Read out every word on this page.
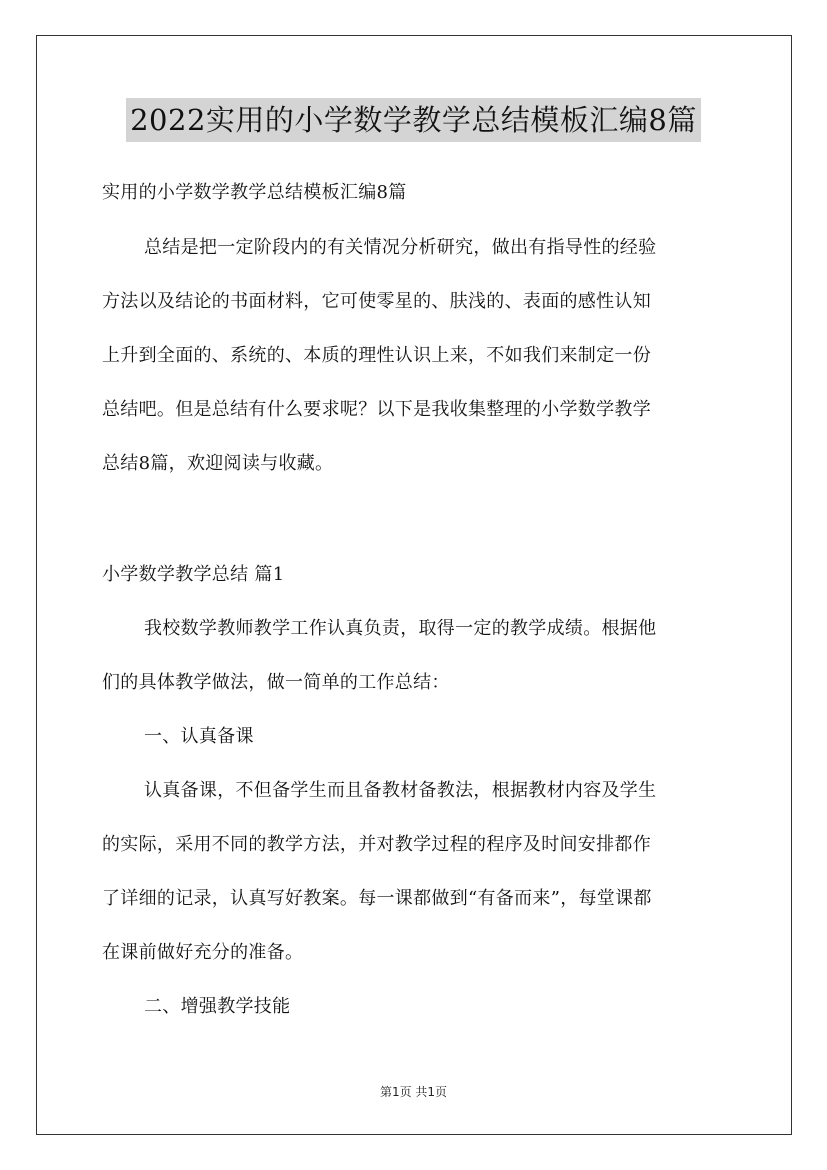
2022实用的小学数学教学总结模板汇编8篇
实用的小学数学教学总结模板汇编8篇
总结是把一定阶段内的有关情况分析研究，做出有指导性的经验
方法以及结论的书面材料，它可使零星的、肤浅的、表面的感性认知
上升到全面的、系统的、本质的理性认识上来，不如我们来制定一份
总结吧。但是总结有什么要求呢？以下是我收集整理的小学数学教学
总结8篇，欢迎阅读与收藏。
小学数学教学总结 篇1
我校数学教师教学工作认真负责，取得一定的教学成绩。根据他
们的具体教学做法，做一简单的工作总结：
一、认真备课
认真备课，不但备学生而且备教材备教法，根据教材内容及学生
的实际，采用不同的教学方法，并对教学过程的程序及时间安排都作
了详细的记录，认真写好教案。每一课都做到“有备而来”，每堂课都
在课前做好充分的准备。
二、增强教学技能
第1页 共1页
